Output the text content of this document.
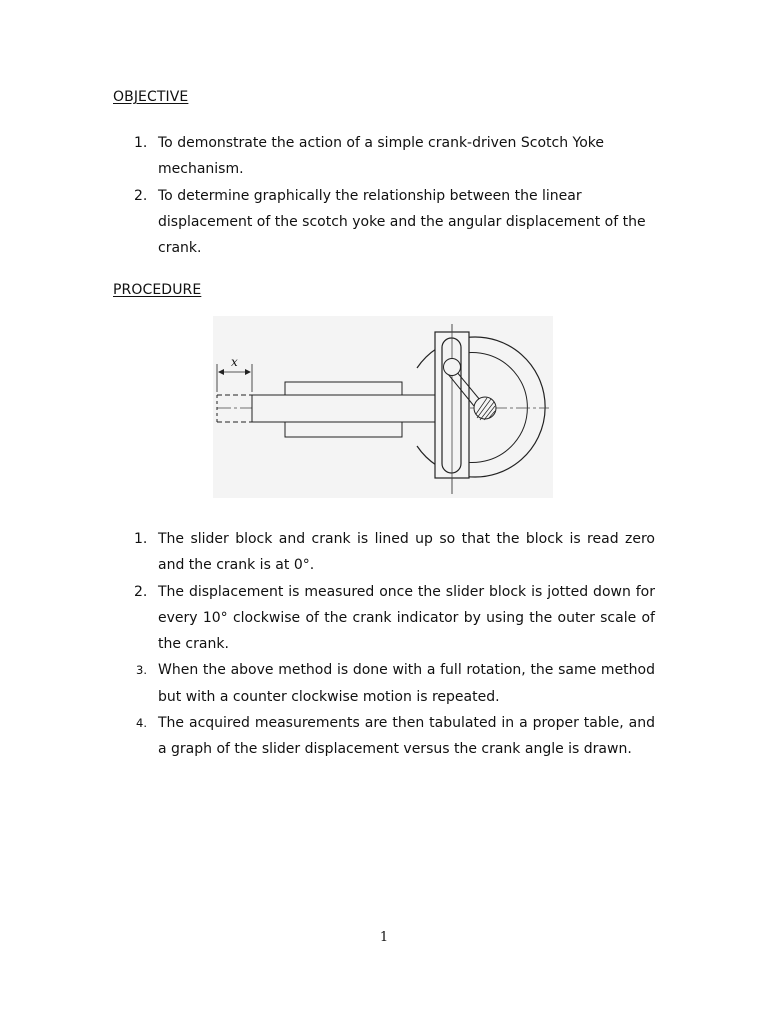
OBJECTIVE
1. To demonstrate the action of a simple crank-driven Scotch Yoke mechanism.
2. To determine graphically the relationship between the linear displacement of the scotch yoke and the angular displacement of the crank.
PROCEDURE
x
1. The slider block and crank is lined up so that the block is read zero and the crank is at 0°.
2. The displacement is measured once the slider block is jotted down for every 10° clockwise of the crank indicator by using the outer scale of the crank.
3. When the above method is done with a full rotation, the same method but with a counter clockwise motion is repeated.
4. The acquired measurements are then tabulated in a proper table, and a graph of the slider displacement versus the crank angle is drawn.
1
